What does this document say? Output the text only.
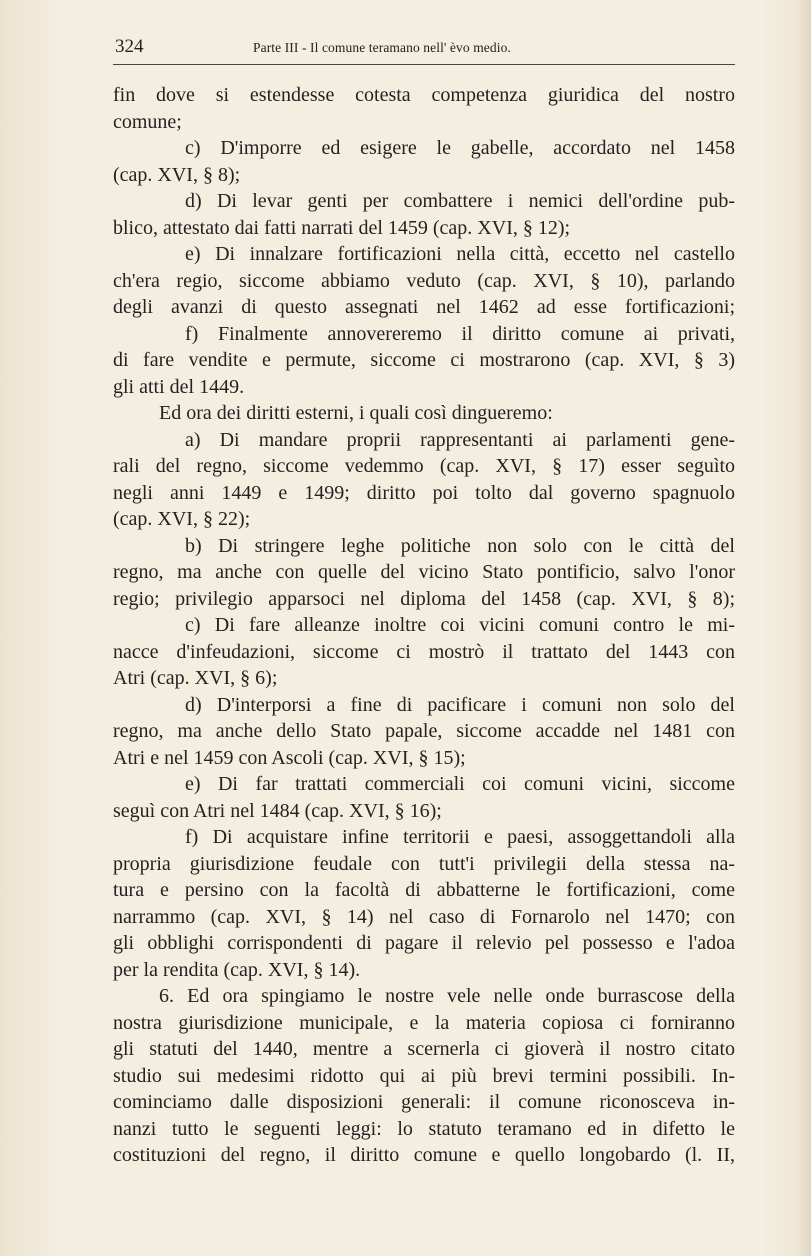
324	Parte III - Il comune teramano nell' èvo medio.
fin dove si estendesse cotesta competenza giuridica del nostro
comune;
c) D'imporre ed esigere le gabelle, accordato nel 1458
(cap. XVI, § 8);
d) Di levar genti per combattere i nemici dell'ordine pub-
blico, attestato dai fatti narrati del 1459 (cap. XVI, § 12);
e) Di innalzare fortificazioni nella città, eccetto nel castello
ch'era regio, siccome abbiamo veduto (cap. XVI, § 10), parlando
degli avanzi di questo assegnati nel 1462 ad esse fortificazioni;
f) Finalmente annovereremo il diritto comune ai privati,
di fare vendite e permute, siccome ci mostrarono (cap. XVI, § 3)
gli atti del 1449.
Ed ora dei diritti esterni, i quali così dingueremo:
a) Di mandare proprii rappresentanti ai parlamenti gene-
rali del regno, siccome vedemmo (cap. XVI, § 17) esser seguìto
negli anni 1449 e 1499; diritto poi tolto dal governo spagnuolo
(cap. XVI, § 22);
b) Di stringere leghe politiche non solo con le città del
regno, ma anche con quelle del vicino Stato pontificio, salvo l'onor
regio; privilegio apparsoci nel diploma del 1458 (cap. XVI, § 8);
c) Di fare alleanze inoltre coi vicini comuni contro le mi-
nacce d'infeudazioni, siccome ci mostrò il trattato del 1443 con
Atri (cap. XVI, § 6);
d) D'interporsi a fine di pacificare i comuni non solo del
regno, ma anche dello Stato papale, siccome accadde nel 1481 con
Atri e nel 1459 con Ascoli (cap. XVI, § 15);
e) Di far trattati commerciali coi comuni vicini, siccome
seguì con Atri nel 1484 (cap. XVI, § 16);
f) Di acquistare infine territorii e paesi, assoggettandoli alla
propria giurisdizione feudale con tutt'i privilegii della stessa na-
tura e persino con la facoltà di abbatterne le fortificazioni, come
narrammo (cap. XVI, § 14) nel caso di Fornarolo nel 1470; con
gli obblighi corrispondenti di pagare il relevio pel possesso e l'adoa
per la rendita (cap. XVI, § 14).
6. Ed ora spingiamo le nostre vele nelle onde burrascose della
nostra giurisdizione municipale, e la materia copiosa ci forniranno
gli statuti del 1440, mentre a scernerla ci gioverà il nostro citato
studio sui medesimi ridotto qui ai più brevi termini possibili. In-
cominciamo dalle disposizioni generali: il comune riconosceva in-
nanzi tutto le seguenti leggi: lo statuto teramano ed in difetto le
costituzioni del regno, il diritto comune e quello longobardo (l. II,
